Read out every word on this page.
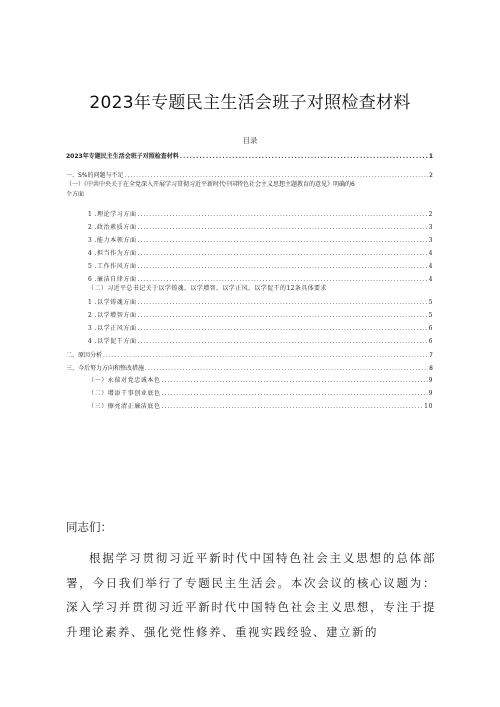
2023年专题民主生活会班子对照检查材料
目录
2023年专题民主生活会班子对照检查材料 .....	1
一、S%的问题与不足 .....	2
（一）《中共中央关于在全党深入开展学习贯彻习近平新时代中国特色社会主义思想主题教育的意见》明确的6
个方面
1 .理论学习方面 .....	2
2 .政治素质方面 .....	3
3 .能力本领方面 .....	3
4 .担当作为方面 .....	4
5 .工作作风方面 .....	4
6 .廉洁自律方面 .....	4
（二）习近平总书记关于以学铸魂、以学增智、以学正风、以学促干的12条具体要求
1 .以学铸魂方面 .....	5
2 .以学增智方面 .....	5
3 .以学正风方面 .....	6
4 .以学促干方面 .....	6
二、原因分析 .....	7
三、今后努力方向和整改措施 .....	8
（一）永葆对党忠诚本色 .....	9
（二）增添干事创业底色 .....	9
（三）擦亮清正廉洁底色 .....	10
同志们：
根据学习贯彻习近平新时代中国特色社会主义思想的总体部署，今日我们举行了专题民主生活会。本次会议的核心议题为：深入学习并贯彻习近平新时代中国特色社会主义思想，专注于提升理论素养、强化党性修养、重视实践经验、建立新的
